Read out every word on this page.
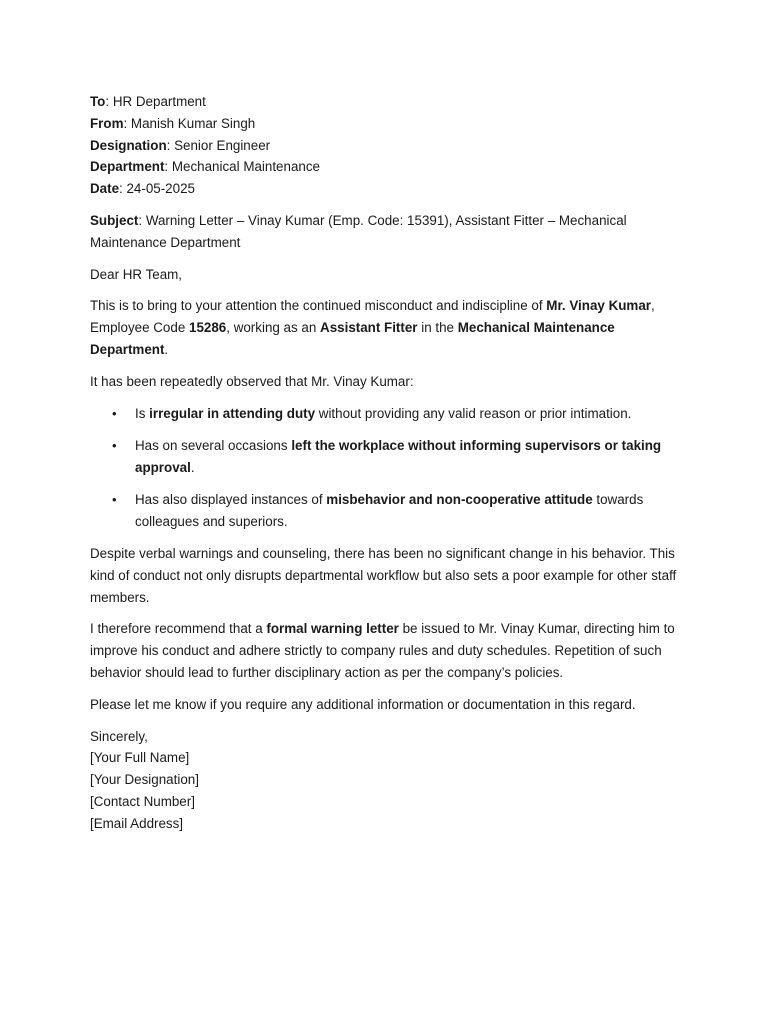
To: HR Department
From: Manish Kumar Singh
Designation: Senior Engineer
Department: Mechanical Maintenance
Date: 24-05-2025

Subject: Warning Letter – Vinay Kumar (Emp. Code: 15391), Assistant Fitter – Mechanical Maintenance Department

Dear HR Team,

This is to bring to your attention the continued misconduct and indiscipline of Mr. Vinay Kumar, Employee Code 15286, working as an Assistant Fitter in the Mechanical Maintenance Department.

It has been repeatedly observed that Mr. Vinay Kumar:

• Is irregular in attending duty without providing any valid reason or prior intimation.
• Has on several occasions left the workplace without informing supervisors or taking approval.
• Has also displayed instances of misbehavior and non-cooperative attitude towards colleagues and superiors.

Despite verbal warnings and counseling, there has been no significant change in his behavior. This kind of conduct not only disrupts departmental workflow but also sets a poor example for other staff members.

I therefore recommend that a formal warning letter be issued to Mr. Vinay Kumar, directing him to improve his conduct and adhere strictly to company rules and duty schedules. Repetition of such behavior should lead to further disciplinary action as per the company’s policies.

Please let me know if you require any additional information or documentation in this regard.

Sincerely,
[Your Full Name]
[Your Designation]
[Contact Number]
[Email Address]
